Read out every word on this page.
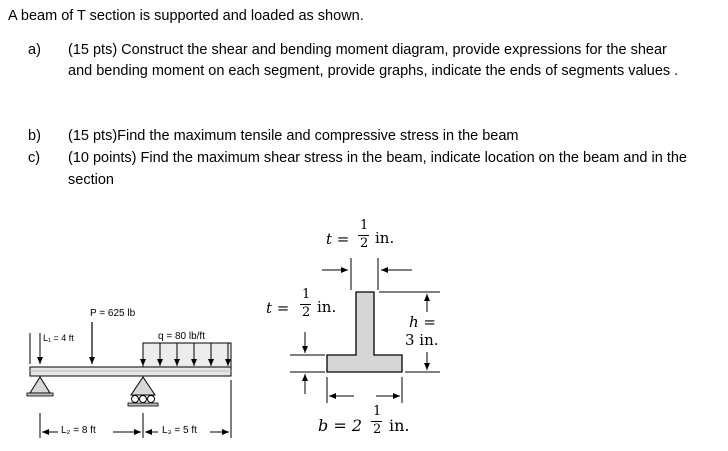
A beam of T section is supported and loaded as shown.
a) (15 pts) Construct the shear and bending moment diagram, provide expressions for the shear
and bending moment on each segment, provide graphs, indicate the ends of segments values .
b) (15 pts)Find the maximum tensile and compressive stress in the beam
c) (10 points) Find the maximum shear stress in the beam, indicate location on the beam and in the
section
P = 625 lb
q = 80 lb/ft
L₁ = 4 ft
L₂ = 8 ft	L₃ = 5 ft
t =
1
2 in.
t =
1
2 in.
h =
3 in.
b = 2
1
2 in.
